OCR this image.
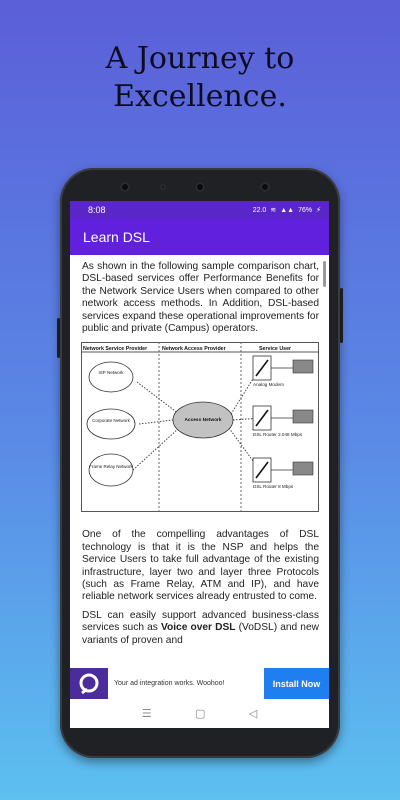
A Journey to
Excellence.
8:08	22.0 ≋ ▲▲ 76% ⚡
Learn DSL

As shown in the following sample comparison chart, DSL-based services offer Performance Benefits for the Network Service Users when compared to other network access methods. In Addition, DSL-based services expand these operational improvements for public and private (Campus) operators.

Network Service Provider	Network Access Provider	Service User
ISP Network
Corporate Network
Frame Relay Network
Access Network
Analog Modem
DSL Router 2.048 Mbps
DSL Router 8 Mbps

One of the compelling advantages of DSL technology is that it is the NSP and helps the Service Users to take full advantage of the existing infrastructure, layer two and layer three Protocols (such as Frame Relay, ATM and IP), and have reliable network services already entrusted to come.

DSL can easily support advanced business-class services such as Voice over DSL (VoDSL) and new variants of proven and

Your ad integration works. Woohoo!	Install Now
☰	▢	◁
